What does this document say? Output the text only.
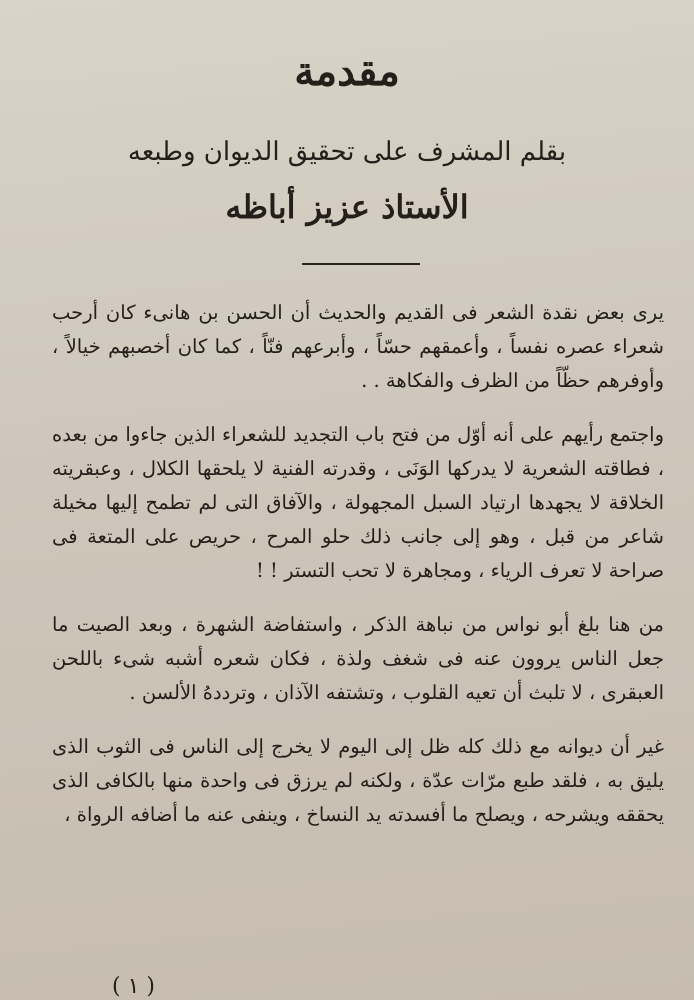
مقدمة
بقلم المشرف على تحقيق الديوان وطبعه
الأستاذ عزيز أباظه

يرى بعض نقدة الشعر فى القديم والحديث أن الحسن بن هانىء كان أرحب شعراء عصره نفساً ، وأعمقهم حسّاً ، وأبرعهم فنّاً ، كما كان أخصبهم خيالاً ، وأوفرهم حظّاً من الظرف والفكاهة . .

واجتمع رأيهم على أنه أوّل من فتح باب التجديد للشعراء الذين جاءوا من بعده ، فطاقته الشعرية لا يدركها الوَنَى ، وقدرته الفنية لا يلحقها الكلال ، وعبقريته الخلاقة لا يجهدها ارتياد السبل المجهولة ، والآفاق التى لم تطمح إليها مخيلة شاعر من قبل ، وهو إلى جانب ذلك حلو المرح ، حريص على المتعة فى صراحة لا تعرف الرياء ، ومجاهرة لا تحب التستر ! !

من هنا بلغ أبو نواس من نباهة الذكر ، واستفاضة الشهرة ، وبعد الصيت ما جعل الناس يروون عنه فى شغف ولذة ، فكان شعره أشبه شىء باللحن العبقرى ، لا تلبث أن تعيه القلوب ، وتشتفه الآذان ، وترددهُ الألسن .

غير أن ديوانه مع ذلك كله ظل إلى اليوم لا يخرج إلى الناس فى الثوب الذى يليق به ، فلقد طبع مرّات عدّة ، ولكنه لم يرزق فى واحدة منها بالكافى الذى يحققه ويشرحه ، ويصلح ما أفسدته يد النساخ ، وينفى عنه ما أضافه الرواة ،

( ١ )
